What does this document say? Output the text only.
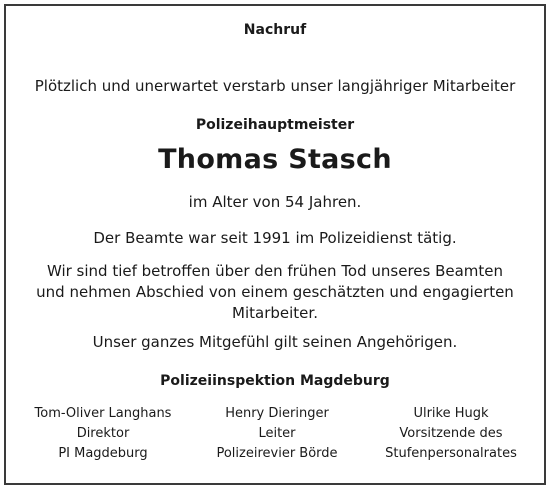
Nachruf
Plötzlich und unerwartet verstarb unser langjähriger Mitarbeiter
Polizeihauptmeister
Thomas Stasch
im Alter von 54 Jahren.
Der Beamte war seit 1991 im Polizeidienst tätig.
Wir sind tief betroffen über den frühen Tod unseres Beamten
und nehmen Abschied von einem geschätzten und engagierten
Mitarbeiter.
Unser ganzes Mitgefühl gilt seinen Angehörigen.
Polizeiinspektion Magdeburg
Tom-Oliver Langhans
Direktor
PI Magdeburg
Henry Dieringer
Leiter
Polizeirevier Börde
Ulrike Hugk
Vorsitzende des
Stufenpersonalrates
